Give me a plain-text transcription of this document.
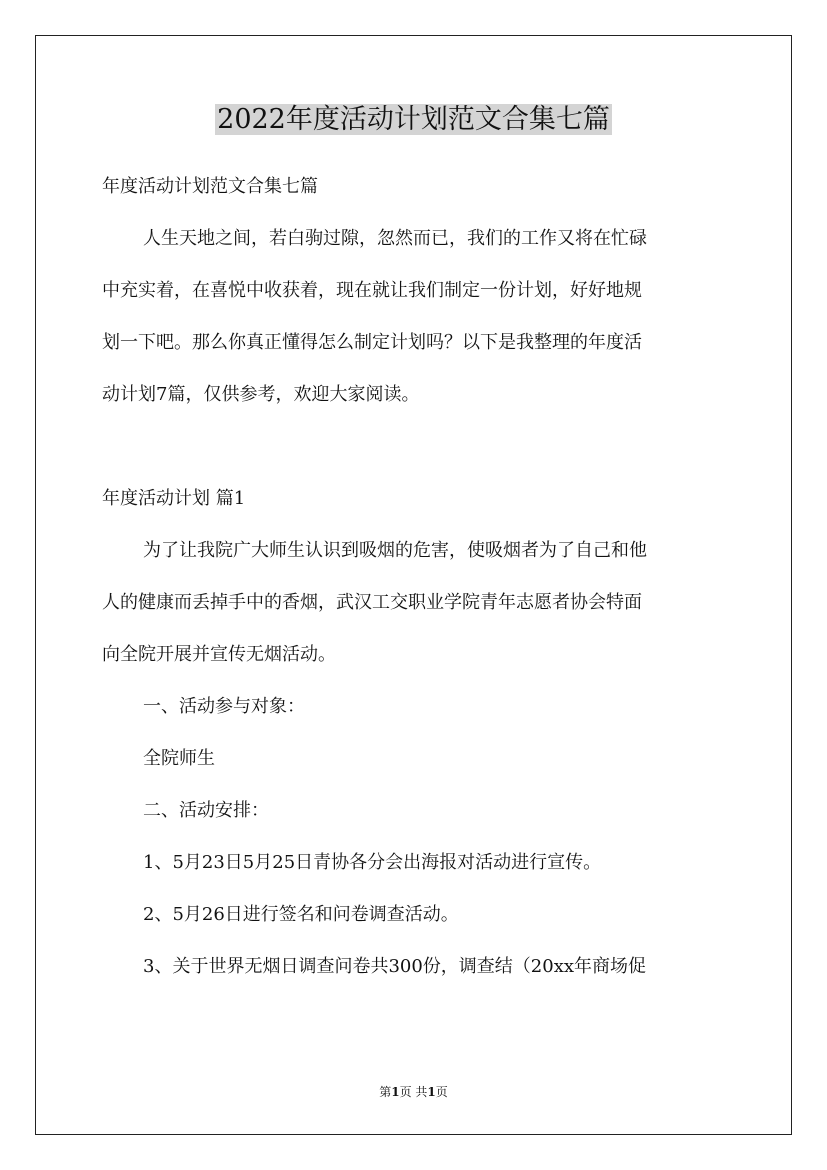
2022年度活动计划范文合集七篇

年度活动计划范文合集七篇

人生天地之间，若白驹过隙，忽然而已，我们的工作又将在忙碌
中充实着，在喜悦中收获着，现在就让我们制定一份计划，好好地规
划一下吧。那么你真正懂得怎么制定计划吗？以下是我整理的年度活
动计划7篇，仅供参考，欢迎大家阅读。

年度活动计划 篇1

为了让我院广大师生认识到吸烟的危害，使吸烟者为了自己和他
人的健康而丢掉手中的香烟，武汉工交职业学院青年志愿者协会特面
向全院开展并宣传无烟活动。

一、活动参与对象：

全院师生

二、活动安排：

1、5月23日5月25日青协各分会出海报对活动进行宣传。

2、5月26日进行签名和问卷调查活动。

3、关于世界无烟日调查问卷共300份，调查结（20xx年商场促

第1页 共1页
